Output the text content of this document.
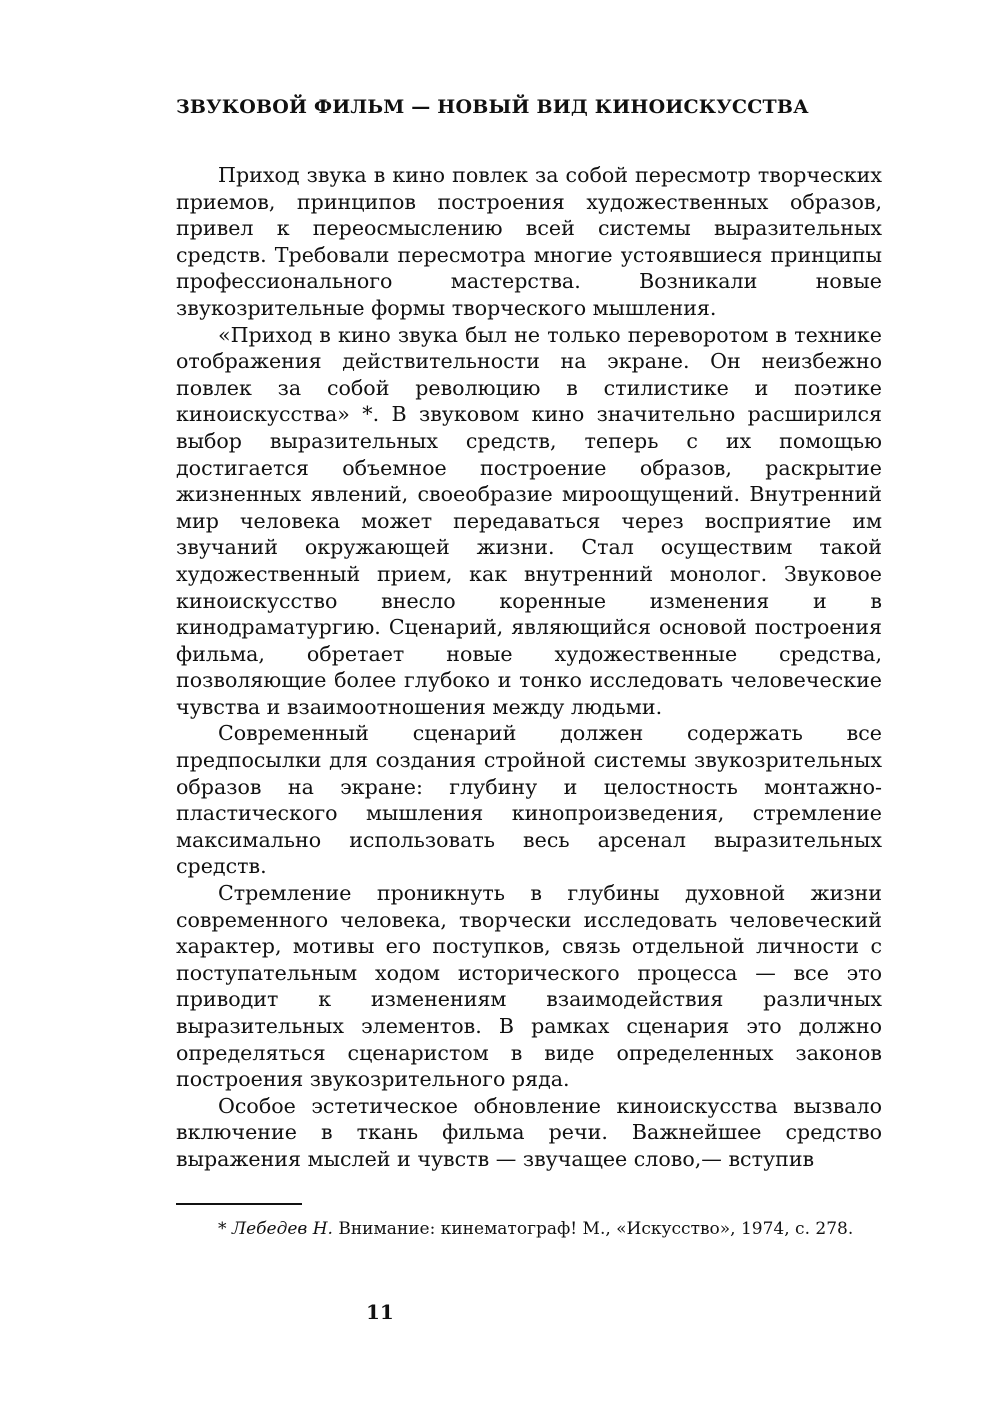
ЗВУКОВОЙ ФИЛЬМ — НОВЫЙ ВИД КИНОИСКУССТВА

Приход звука в кино повлек за собой пересмотр творческих приемов, принципов построения художественных образов, привел к переосмыслению всей системы выразительных средств. Требовали пересмотра многие устоявшиеся принципы профессионального мастерства. Возникали новые звукозрительные формы творческого мышления.

«Приход в кино звука был не только переворотом в технике отображения действительности на экране. Он неизбежно повлек за собой революцию в стилистике и поэтике киноискусства» *. В звуковом кино значительно расширился выбор выразительных средств, теперь с их помощью достигается объемное построение образов, раскрытие жизненных явлений, своеобразие мироощущений. Внутренний мир человека может передаваться через восприятие им звучаний окружающей жизни. Стал осуществим такой художественный прием, как внутренний монолог. Звуковое киноискусство внесло коренные изменения и в кинодраматургию. Сценарий, являющийся основой построения фильма, обретает новые художественные средства, позволяющие более глубоко и тонко исследовать человеческие чувства и взаимоотношения между людьми.

Современный сценарий должен содержать все предпосылки для создания стройной системы звукозрительных образов на экране: глубину и целостность монтажно-пластического мышления кинопроизведения, стремление максимально использовать весь арсенал выразительных средств.

Стремление проникнуть в глубины духовной жизни современного человека, творчески исследовать человеческий характер, мотивы его поступков, связь отдельной личности с поступательным ходом исторического процесса — все это приводит к изменениям взаимодействия различных выразительных элементов. В рамках сценария это должно определяться сценаристом в виде определенных законов построения звукозрительного ряда.

Особое эстетическое обновление киноискусства вызвало включение в ткань фильма речи. Важнейшее средство выражения мыслей и чувств — звучащее слово,— вступив

* Лебедев Н. Внимание: кинематограф! М., «Искусство», 1974, с. 278.

11
